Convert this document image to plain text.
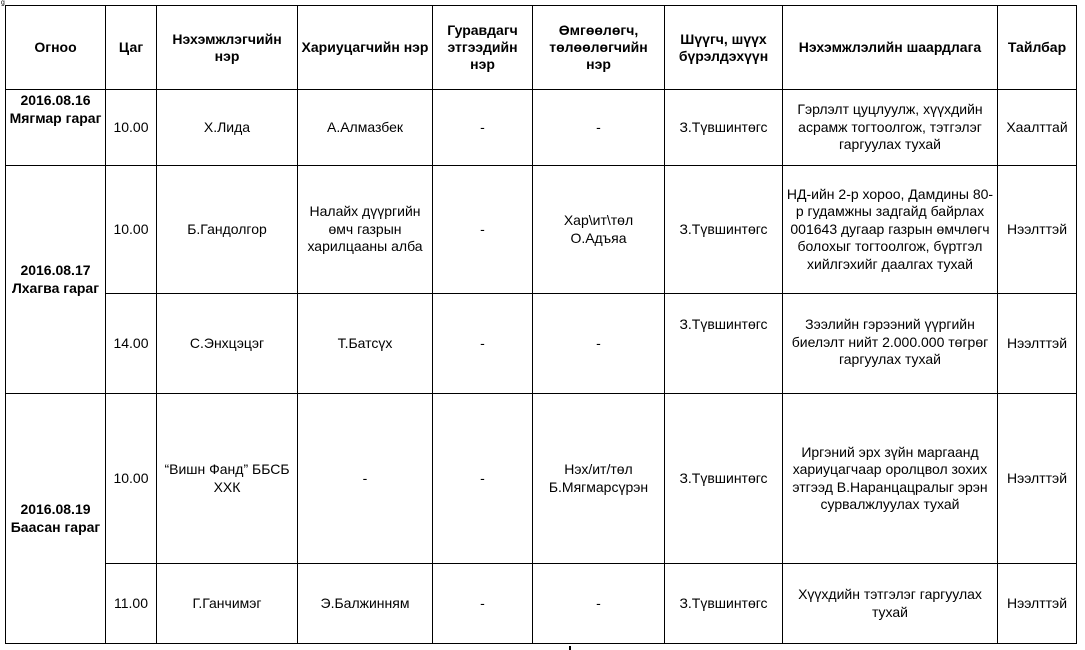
ᵍ
Огноо	Цаг	Нэхэмжлэгчийн нэр	Хариуцагчийн нэр	Гуравдагч этгээдийн нэр	Өмгөөлөгч, төлөөлөгчийн нэр	Шүүгч, шүүх бүрэлдэхүүн	Нэхэмжлэлийн шаардлага	Тайлбар
2016.08.16 Мягмар гараг	10.00	Х.Лида	А.Алмазбек	-	-	З.Түвшинтөгс	Гэрлэлт цуцлуулж, хүүхдийн асрамж тогтоолгож, тэтгэлэг гаргуулах тухай	Хаалттай
2016.08.17 Лхагва гараг	10.00	Б.Гандолгор	Налайх дүүргийн өмч газрын харилцааны алба	-	Хар\ит\төл О.Адъяа	З.Түвшинтөгс	НД-ийн 2-р хороо, Дамдины 80-р гудамжны задгайд байрлах 001643 дугаар газрын өмчлөгч болохыг тогтоолгож, бүртгэл хийлгэхийг даалгах тухай	Нээлттэй
	14.00	С.Энхцэцэг	Т.Батсүх	-	-	З.Түвшинтөгс	Зээлийн гэрээний үүргийн биелэлт нийт 2.000.000 төгрөг гаргуулах тухай	Нээлттэй
2016.08.19 Баасан гараг	10.00	“Вишн Фанд” ББСБ ХХК	-	-	Нэх/ит/төл Б.Мягмарсүрэн	З.Түвшинтөгс	Иргэний эрх зүйн маргаанд хариуцагчаар оролцвол зохих этгээд В.Наранцацралыг эрэн сурвалжлуулах тухай	Нээлттэй
	11.00	Г.Ганчимэг	Э.Балжинням	-	-	З.Түвшинтөгс	Хүүхдийн тэтгэлэг гаргуулах тухай	Нээлттэй
